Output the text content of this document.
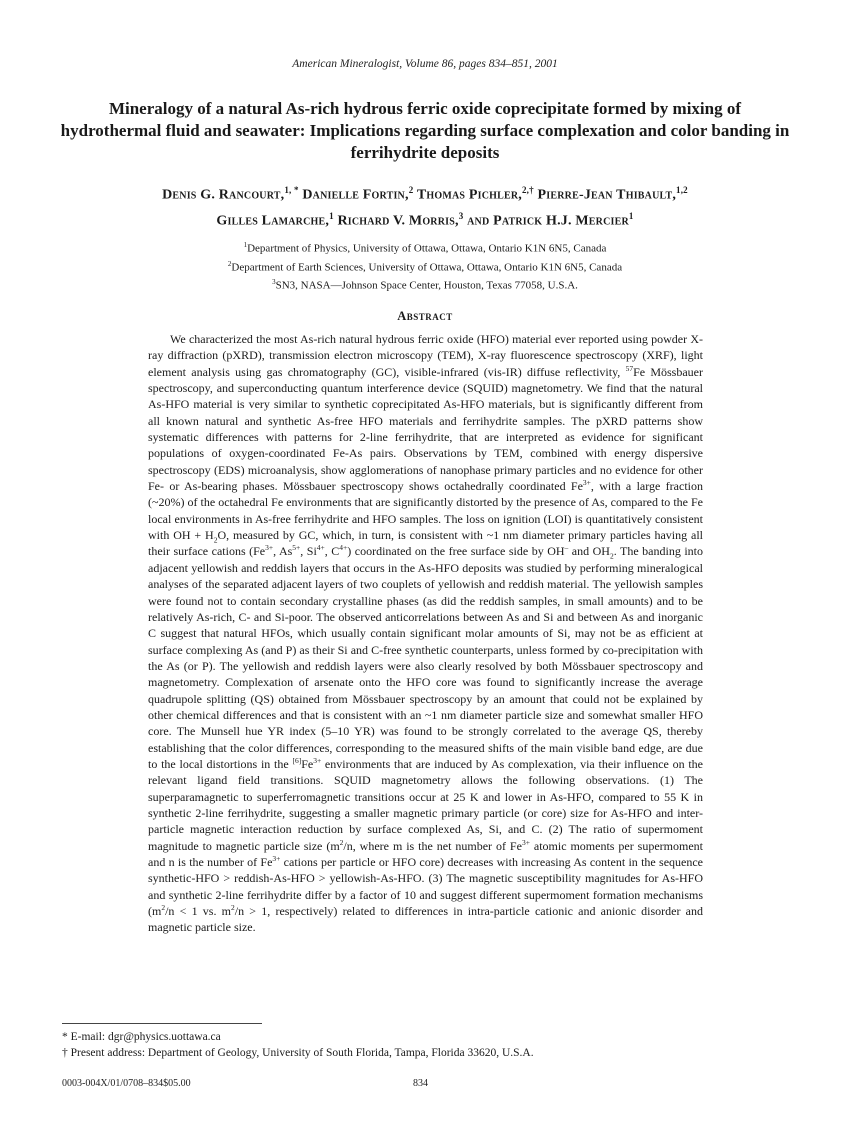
American Mineralogist, Volume 86, pages 834–851, 2001
Mineralogy of a natural As-rich hydrous ferric oxide coprecipitate formed by mixing of hydrothermal fluid and seawater: Implications regarding surface complexation and color banding in ferrihydrite deposits
Denis G. Rancourt,$^{1, *}$ Danielle Fortin,$^2$ Thomas Pichler,$^{2,\dagger}$ Pierre-Jean Thibault,$^{1,2}$
Gilles Lamarche,$^1$ Richard V. Morris,$^3$ and Patrick H.J. Mercier$^1$
$^1$Department of Physics, University of Ottawa, Ottawa, Ontario K1N 6N5, Canada
$^2$Department of Earth Sciences, University of Ottawa, Ottawa, Ontario K1N 6N5, Canada
$^3$SN3, NASA—Johnson Space Center, Houston, Texas 77058, U.S.A.
Abstract

We characterized the most As-rich natural hydrous ferric oxide (HFO) material ever reported using powder X-ray diffraction (pXRD), transmission electron microscopy (TEM), X-ray fluorescence spectroscopy (XRF), light element analysis using gas chromatography (GC), visible-infrared (vis-IR) diffuse reflectivity, $^{57}$Fe Mössbauer spectroscopy, and superconducting quantum interference device (SQUID) magnetometry. We find that the natural As-HFO material is very similar to synthetic coprecipitated As-HFO materials, but is significantly different from all known natural and synthetic As-free HFO materials and ferrihydrite samples. The pXRD patterns show systematic differences with patterns for 2-line ferrihydrite, that are interpreted as evidence for significant populations of oxygen-coordinated Fe-As pairs. Observations by TEM, combined with energy dispersive spectroscopy (EDS) microanalysis, show agglomerations of nanophase primary particles and no evidence for other Fe- or As-bearing phases. Mössbauer spectroscopy shows octahedrally coordinated $Fe^{3+}$, with a large fraction (~20%) of the octahedral Fe environments that are significantly distorted by the presence of As, compared to the Fe local environments in As-free ferrihydrite and HFO samples. The loss on ignition (LOI) is quantitatively consistent with OH + $H_2O$, measured by GC, which, in turn, is consistent with ~1 nm diameter primary particles having all their surface cations ($Fe^{3+}$, $As^{5+}$, $Si^{4+}$, $C^{4+}$) coordinated on the free surface side by OH– and $OH_2$. The banding into adjacent yellowish and reddish layers that occurs in the As-HFO deposits was studied by performing mineralogical analyses of the separated adjacent layers of two couplets of yellowish and reddish material. The yellowish samples were found not to contain secondary crystalline phases (as did the reddish samples, in small amounts) and to be relatively As-rich, C- and Si-poor. The observed anticorrelations between As and Si and between As and inorganic C suggest that natural HFOs, which usually contain significant molar amounts of Si, may not be as efficient at surface complexing As (and P) as their Si and C-free synthetic counterparts, unless formed by co-precipitation with the As (or P). The yellowish and reddish layers were also clearly resolved by both Mössbauer spectroscopy and magnetometry. Complexation of arsenate onto the HFO core was found to significantly increase the average quadrupole splitting (QS) obtained from Mössbauer spectroscopy by an amount that could not be explained by other chemical differences and that is consistent with an ~1 nm diameter particle size and somewhat smaller HFO core. The Munsell hue YR index (5–10 YR) was found to be strongly correlated to the average QS, thereby establishing that the color differences, corresponding to the measured shifts of the main visible band edge, are due to the local distortions in the $[6]Fe^{3+}$ environments that are induced by As complexation, via their influence on the relevant ligand field transitions. SQUID magnetometry allows the following observations. (1) The superparamagnetic to superferromagnetic transitions occur at 25 K and lower in As-HFO, compared to 55 K in synthetic 2-line ferrihydrite, suggesting a smaller magnetic primary particle (or core) size for As-HFO and inter-particle magnetic interaction reduction by surface complexed As, Si, and C. (2) The ratio of supermoment magnitude to magnetic particle size ($m^2/n$, where m is the net number of $Fe^{3+}$ atomic moments per supermoment and n is the number of $Fe^{3+}$ cations per particle or HFO core) decreases with increasing As content in the sequence synthetic-HFO > reddish-As-HFO > yellowish-As-HFO. (3) The magnetic susceptibility magnitudes for As-HFO and synthetic 2-line ferrihydrite differ by a factor of 10 and suggest different supermoment formation mechanisms ($m^2/n < 1$ vs. $m^2/n > 1$, respectively) related to differences in intra-particle cationic and anionic disorder and magnetic particle size.

* E-mail: dgr@physics.uottawa.ca
† Present address: Department of Geology, University of South Florida, Tampa, Florida 33620, U.S.A.
0003-004X/01/0708–834$05.00	834
